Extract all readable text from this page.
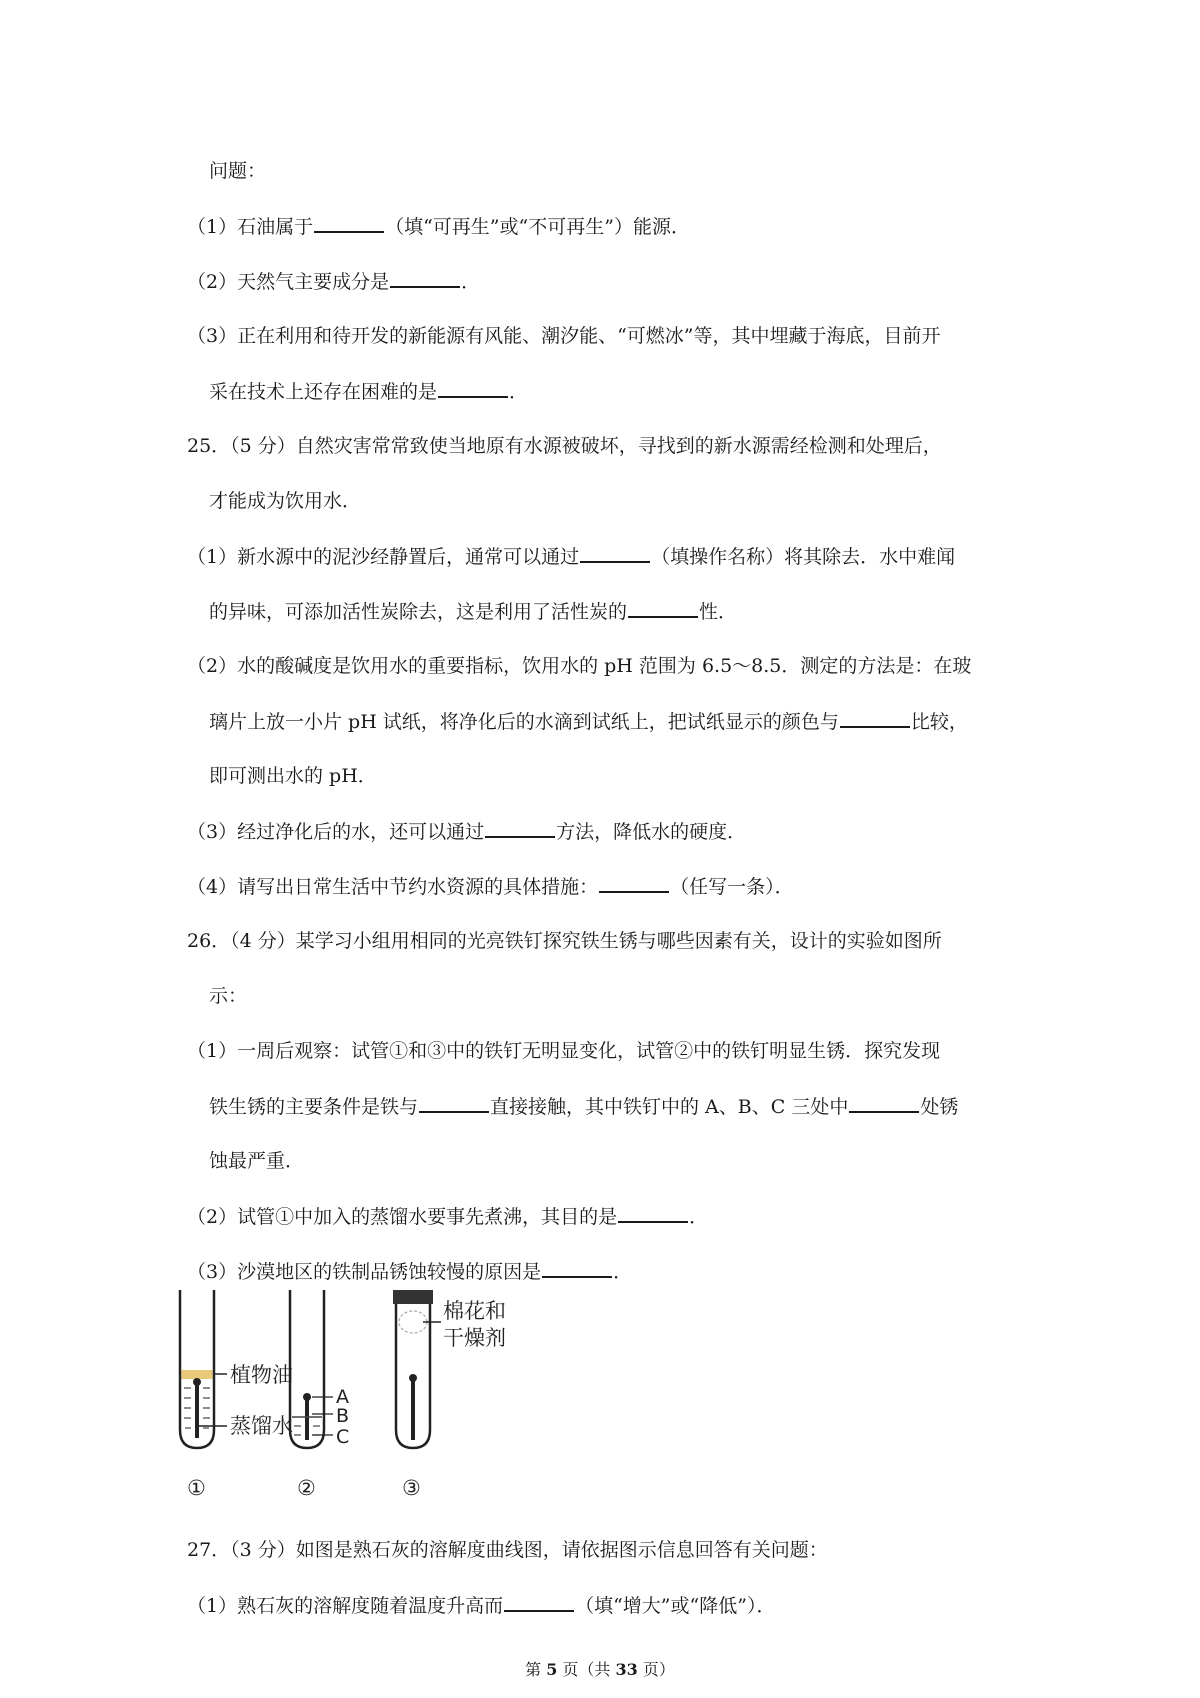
问题：
（1）石油属于	（填“可再生”或“不可再生”）能源．
（2）天然气主要成分是	．
（3）正在利用和待开发的新能源有风能、潮汐能、“可燃冰”等，其中埋藏于海底，目前开
采在技术上还存在困难的是	．
25．（5 分）自然灾害常常致使当地原有水源被破坏，寻找到的新水源需经检测和处理后，
才能成为饮用水．
（1）新水源中的泥沙经静置后，通常可以通过	（填操作名称）将其除去．水中难闻
的异味，可添加活性炭除去，这是利用了活性炭的	性．
（2）水的酸碱度是饮用水的重要指标，饮用水的 pH 范围为 6.5～8.5．测定的方法是：在玻
璃片上放一小片 pH 试纸，将净化后的水滴到试纸上，把试纸显示的颜色与	比较，
即可测出水的 pH．
（3）经过净化后的水，还可以通过	方法，降低水的硬度．
（4）请写出日常生活中节约水资源的具体措施：	（任写一条）．
26．（4 分）某学习小组用相同的光亮铁钉探究铁生锈与哪些因素有关，设计的实验如图所
示：
（1）一周后观察：试管①和③中的铁钉无明显变化，试管②中的铁钉明显生锈．探究发现
铁生锈的主要条件是铁与	直接接触，其中铁钉中的 A、B、C 三处中	处锈
蚀最严重．
（2）试管①中加入的蒸馏水要事先煮沸，其目的是	．
（3）沙漠地区的铁制品锈蚀较慢的原因是	．
植物油
蒸馏水
①
A
B
C
②
棉花和
干燥剂
③
27．（3 分）如图是熟石灰的溶解度曲线图，请依据图示信息回答有关问题：
（1）熟石灰的溶解度随着温度升高而	（填“增大”或“降低”）．
第 5 页（共 33 页）
